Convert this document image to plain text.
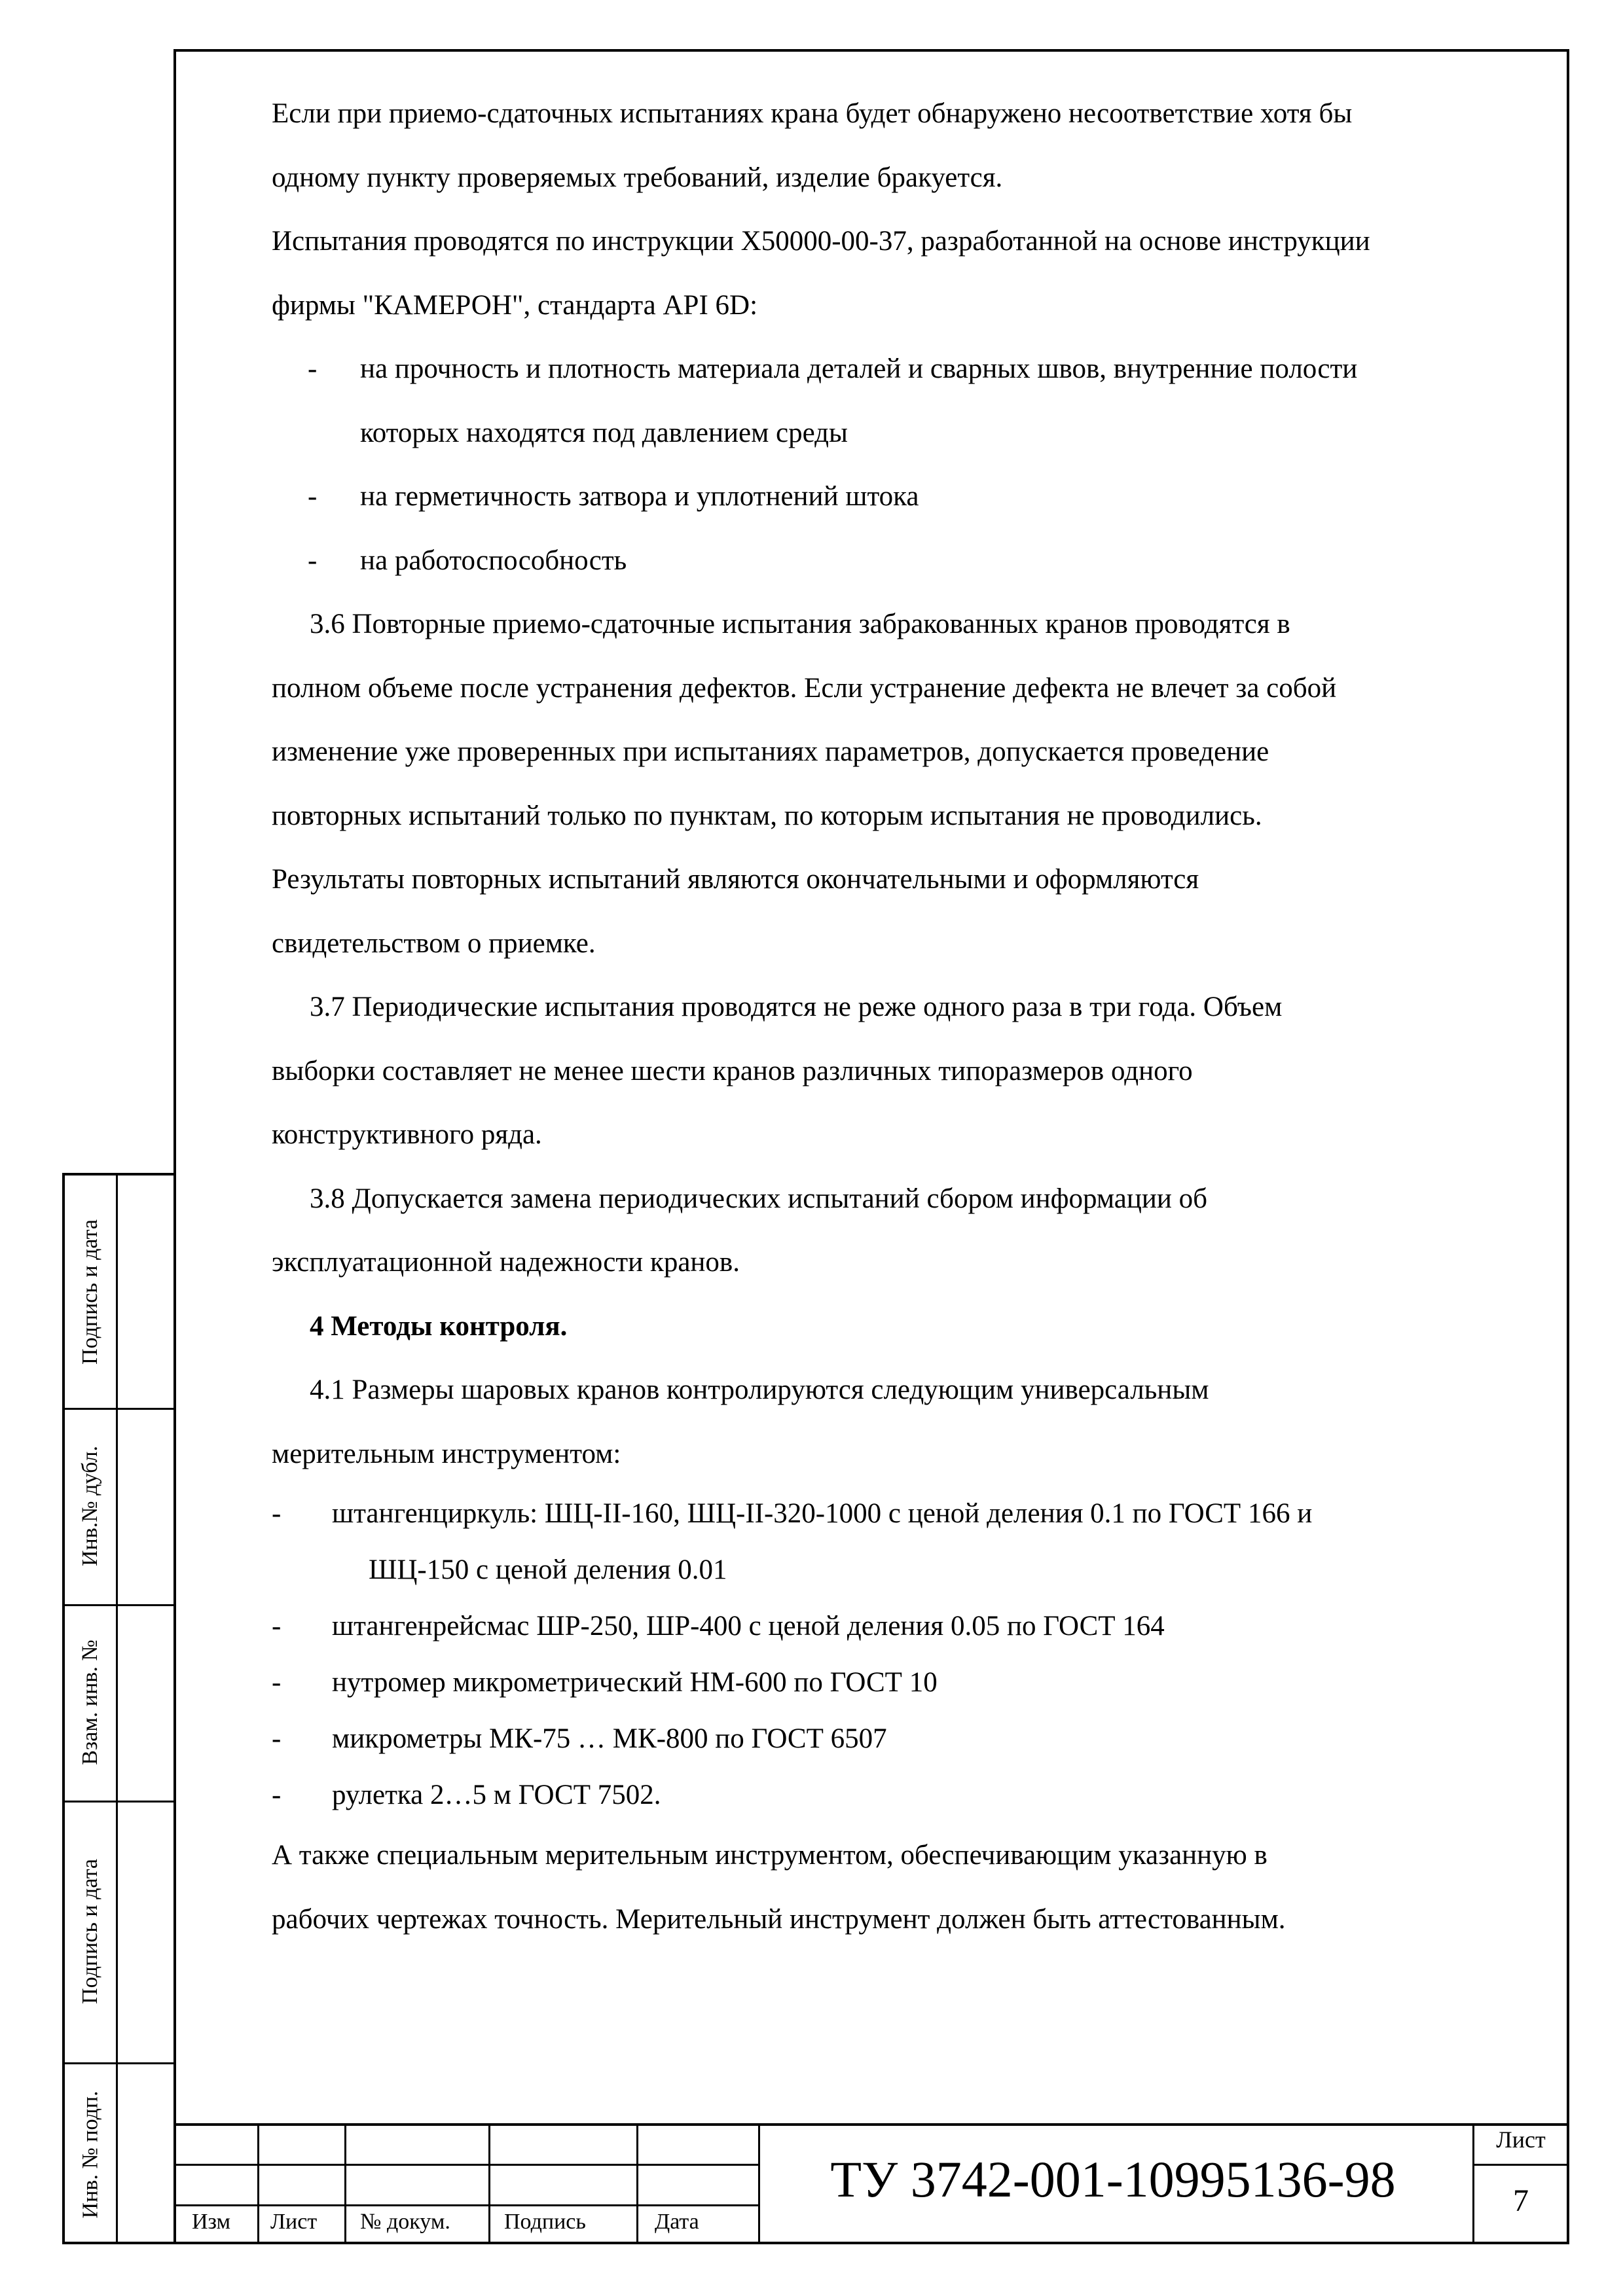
Если при приемо-сдаточных испытаниях крана будет обнаружено несоответствие хотя бы

одному пункту проверяемых требований, изделие бракуется.

Испытания проводятся по инструкции Х50000-00-37, разработанной на основе инструкции

фирмы "КАМЕРОН", стандарта API 6D:

- на прочность и плотность материала деталей и сварных швов, внутренние полости

которых находятся под давлением среды

- на герметичность затвора и уплотнений штока

- на работоспособность

3.6 Повторные приемо-сдаточные испытания забракованных кранов проводятся в

полном объеме после устранения дефектов. Если устранение дефекта не влечет за собой

изменение уже проверенных при испытаниях параметров, допускается проведение

повторных испытаний только по пунктам, по которым испытания не проводились.

Результаты повторных испытаний являются окончательными и оформляются

свидетельством о приемке.

3.7 Периодические испытания проводятся не реже одного раза в три года. Объем

выборки составляет не менее шести кранов различных типоразмеров одного

конструктивного ряда.

3.8 Допускается замена периодических испытаний сбором информации об

эксплуатационной надежности кранов.

4 Методы контроля.

4.1 Размеры шаровых кранов контролируются следующим универсальным

мерительным инструментом:

- штангенциркуль: ШЦ-II-160, ШЦ-II-320-1000 с ценой деления 0.1 по ГОСТ 166 и

ШЦ-150 с ценой деления 0.01

- штангенрейсмас ШР-250, ШР-400 с ценой деления 0.05 по ГОСТ 164

- нутромер микрометрический НМ-600 по ГОСТ 10

- микрометры МК-75 … МК-800 по ГОСТ 6507

- рулетка 2…5 м ГОСТ 7502.

А также специальным мерительным инструментом, обеспечивающим указанную в

рабочих чертежах точность. Мерительный инструмент должен быть аттестованным.

Подпись и дата
Инв.№ дубл.
Взам. инв. №
Подпись и дата
Инв. № подп.
Изм Лист № докум. Подпись	Дата
ТУ 3742-001-10995136-98
Лист
7
